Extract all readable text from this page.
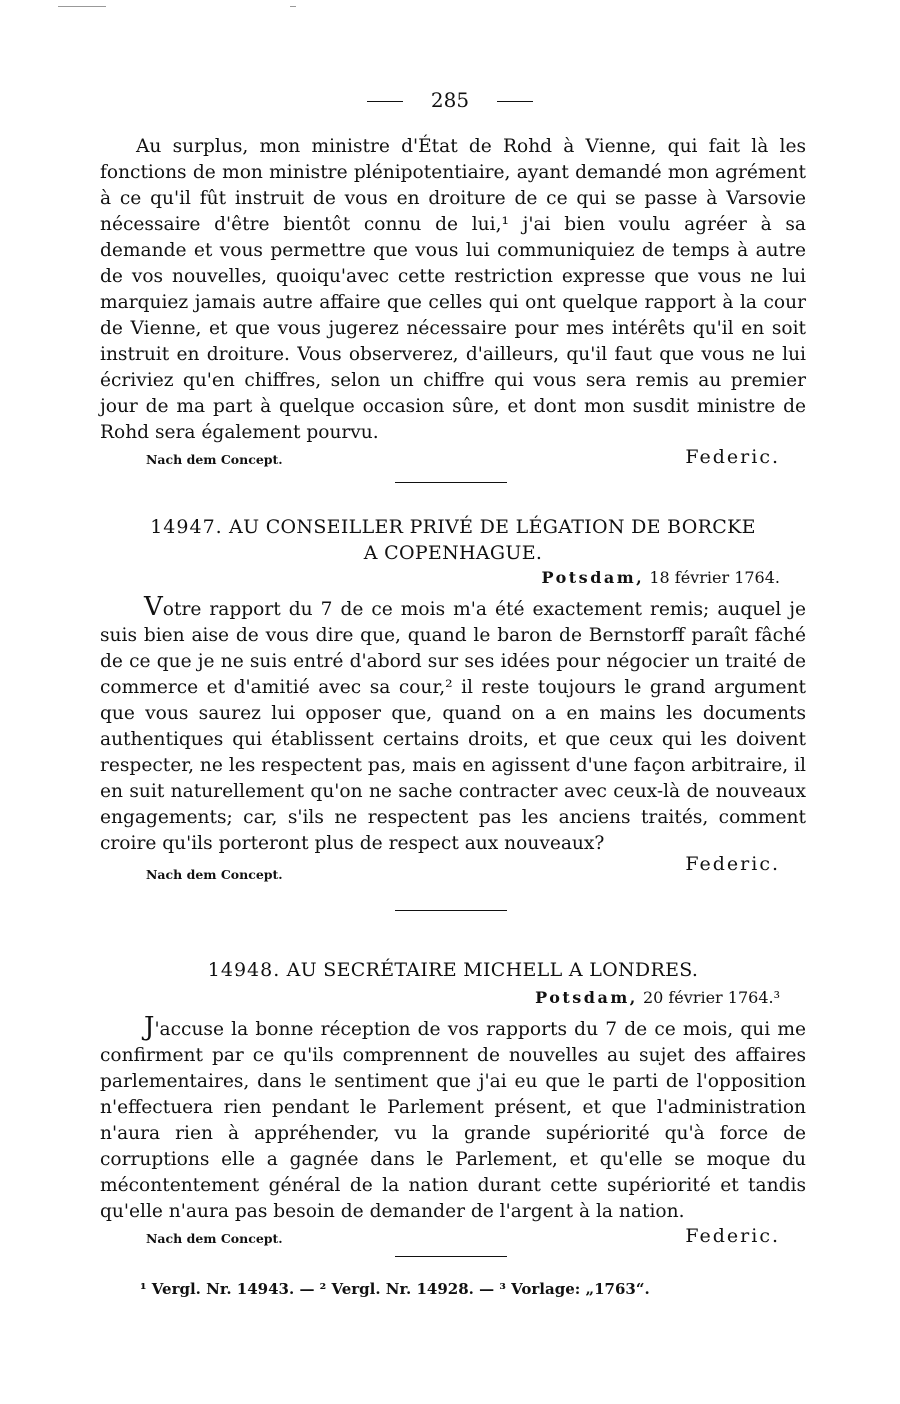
285

Au surplus, mon ministre d'État de Rohd à Vienne, qui fait là les fonctions de mon ministre plénipotentiaire, ayant demandé mon agrément à ce qu'il fût instruit de vous en droiture de ce qui se passe à Varsovie nécessaire d'être bientôt connu de lui,¹ j'ai bien voulu agréer à sa demande et vous permettre que vous lui communiquiez de temps à autre de vos nouvelles, quoiqu'avec cette restriction expresse que vous ne lui marquiez jamais autre affaire que celles qui ont quelque rapport à la cour de Vienne, et que vous jugerez nécessaire pour mes intérêts qu'il en soit instruit en droiture. Vous observerez, d'ailleurs, qu'il faut que vous ne lui écriviez qu'en chiffres, selon un chiffre qui vous sera remis au premier jour de ma part à quelque occasion sûre, et dont mon susdit ministre de Rohd sera également pourvu.

Nach dem Concept.	Federic.
14947. AU CONSEILLER PRIVÉ DE LÉGATION DE BORCKE
A COPENHAGUE.
Potsdam, 18 février 1764.

Votre rapport du 7 de ce mois m'a été exactement remis; auquel je suis bien aise de vous dire que, quand le baron de Bernstorff paraît fâché de ce que je ne suis entré d'abord sur ses idées pour négocier un traité de commerce et d'amitié avec sa cour,² il reste toujours le grand argument que vous saurez lui opposer que, quand on a en mains les documents authentiques qui établissent certains droits, et que ceux qui les doivent respecter, ne les respectent pas, mais en agissent d'une façon arbitraire, il en suit naturellement qu'on ne sache contracter avec ceux-là de nouveaux engagements; car, s'ils ne respectent pas les anciens traités, comment croire qu'ils porteront plus de respect aux nouveaux?

Nach dem Concept.	Federic.
14948. AU SECRÉTAIRE MICHELL A LONDRES.
Potsdam, 20 février 1764.³

J'accuse la bonne réception de vos rapports du 7 de ce mois, qui me confirment par ce qu'ils comprennent de nouvelles au sujet des affaires parlementaires, dans le sentiment que j'ai eu que le parti de l'opposition n'effectuera rien pendant le Parlement présent, et que l'administration n'aura rien à appréhender, vu la grande supériorité qu'à force de corruptions elle a gagnée dans le Parlement, et qu'elle se moque du mécontentement général de la nation durant cette supériorité et tandis qu'elle n'aura pas besoin de demander de l'argent à la nation.

Nach dem Concept.	Federic.
¹ Vergl. Nr. 14943. — ² Vergl. Nr. 14928. — ³ Vorlage: „1763“.
